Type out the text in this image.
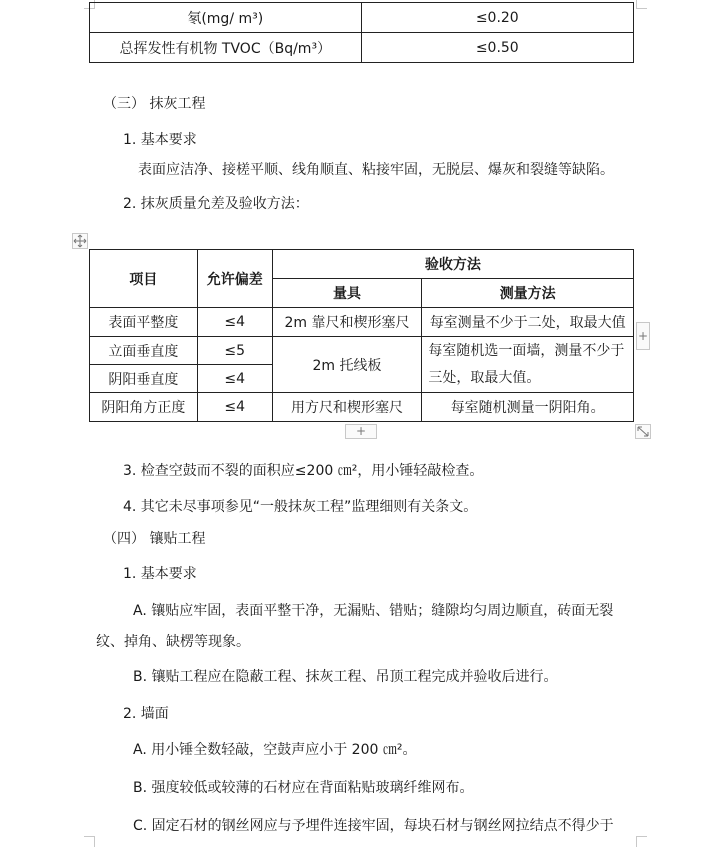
氡(mg/ m³)	≤0.20
总挥发性有机物 TVOC（Bq/m³）	≤0.50
（三） 抹灰工程
1. 基本要求
表面应洁净、接槎平顺、线角顺直、粘接牢固，无脱层、爆灰和裂缝等缺陷。
2. 抹灰质量允差及验收方法：
项目	允许偏差	验收方法	
		量具	测量方法
表面平整度	≤4	2m 靠尺和楔形塞尺	每室测量不少于二处，取最大值
立面垂直度	≤5	2m 托线板	每室随机选一面墙，测量不少于
三处，取最大值。

阴阳垂直度	≤4		
阴阳角方正度	≤4	用方尺和楔形塞尺	每室随机测量一阴阳角。
+
+
3. 检查空鼓而不裂的面积应≤200 ㎝²，用小锤轻敲检查。
4. 其它未尽事项参见“一般抹灰工程”监理细则有关条文。
（四） 镶贴工程
1. 基本要求
A. 镶贴应牢固，表面平整干净，无漏贴、错贴；缝隙均匀周边顺直，砖面无裂
纹、掉角、缺楞等现象。
B. 镶贴工程应在隐蔽工程、抹灰工程、吊顶工程完成并验收后进行。
2. 墙面
A. 用小锤全数轻敲，空鼓声应小于 200 ㎝²。
B. 强度较低或较薄的石材应在背面粘贴玻璃纤维网布。
C. 固定石材的钢丝网应与予埋件连接牢固，每块石材与钢丝网拉结点不得少于
